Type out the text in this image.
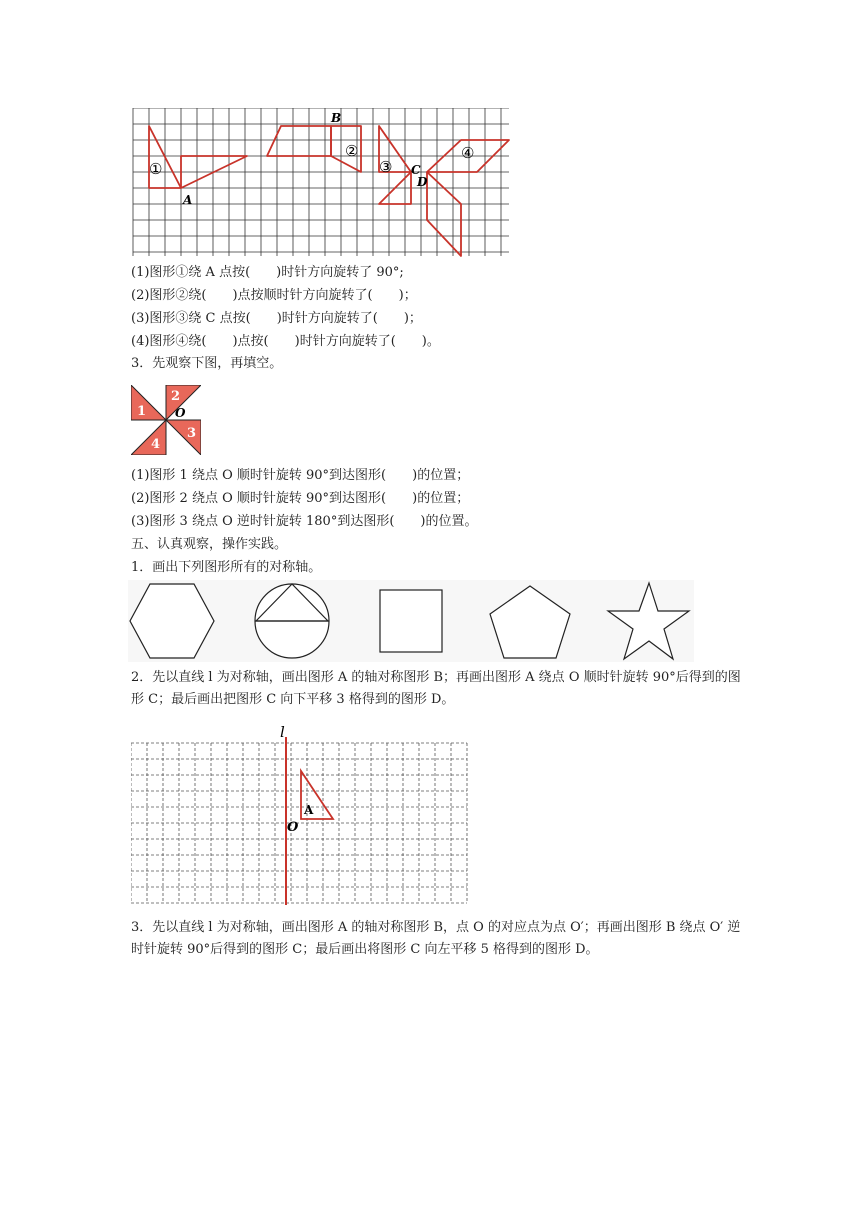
①
②
③
④
A
B
C
D
(1)图形①绕 A 点按(　　)时针方向旋转了 90°;
(2)图形②绕(　　)点按顺时针方向旋转了(　　)；
(3)图形③绕 C 点按(　　)时针方向旋转了(　　)；
(4)图形④绕(　　)点按(　　)时针方向旋转了(　　)。
3．先观察下图，再填空。
1
2
3
4
O
(1)图形 1 绕点 O 顺时针旋转 90°到达图形(　　)的位置；
(2)图形 2 绕点 O 顺时针旋转 90°到达图形(　　)的位置；
(3)图形 3 绕点 O 逆时针旋转 180°到达图形(　　)的位置。
五、认真观察，操作实践。
1．画出下列图形所有的对称轴。
2．先以直线 l 为对称轴，画出图形 A 的轴对称图形 B；再画出图形 A 绕点 O 顺时针旋转 90°后得到的图形 C；最后画出把图形 C 向下平移 3 格得到的图形 D。
l
A
O
3．先以直线 l 为对称轴，画出图形 A 的轴对称图形 B，点 O 的对应点为点 O′；再画出图形 B 绕点 O′ 逆时针旋转 90°后得到的图形 C；最后画出将图形 C 向左平移 5 格得到的图形 D。
